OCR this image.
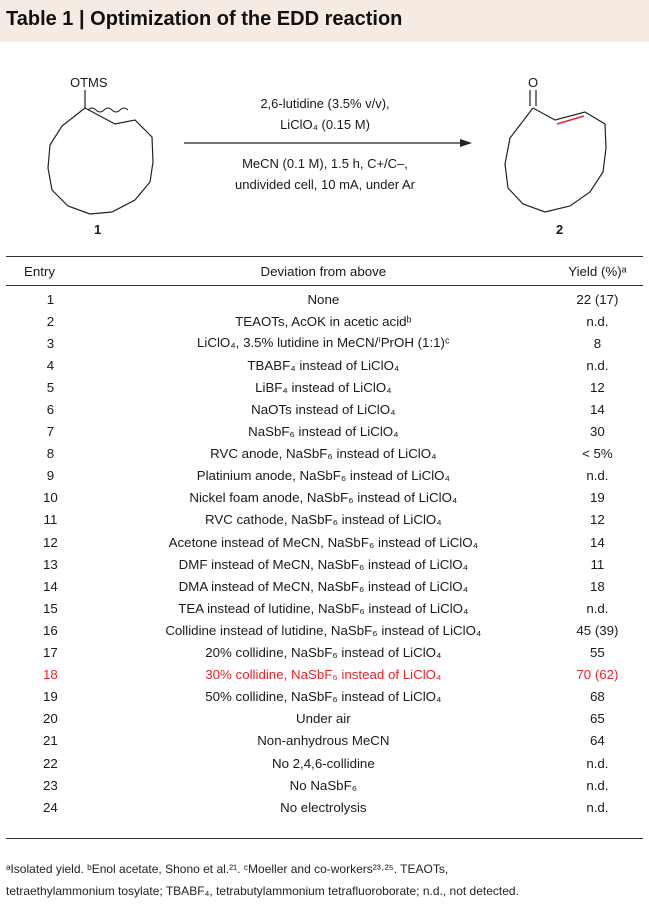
Table 1 | Optimization of the EDD reaction
OTMS	O
1	2
2,6-lutidine (3.5% v/v),
LiClO₄ (0.15 M)
MeCN (0.1 M), 1.5 h, C+/C–,
undivided cell, 10 mA, under Ar
Entry	Deviation from above	Yield (%)ᵃ
1	None	22 (17)
2	TEAOTs, AcOK in acetic acidᵇ	n.d.
3	LiClO₄, 3.5% lutidine in MeCN/ⁱPrOH (1:1)ᶜ	8
4	TBABF₄ instead of LiClO₄	n.d.
5	LiBF₄ instead of LiClO₄	12
6	NaOTs instead of LiClO₄	14
7	NaSbF₆ instead of LiClO₄	30
8	RVC anode, NaSbF₆ instead of LiClO₄	< 5%
9	Platinium anode, NaSbF₆ instead of LiClO₄	n.d.
10	Nickel foam anode, NaSbF₆ instead of LiClO₄	19
11	RVC cathode, NaSbF₆ instead of LiClO₄	12
12	Acetone instead of MeCN, NaSbF₆ instead of LiClO₄	14
13	DMF instead of MeCN, NaSbF₆ instead of LiClO₄	11
14	DMA instead of MeCN, NaSbF₆ instead of LiClO₄	18
15	TEA instead of lutidine, NaSbF₆ instead of LiClO₄	n.d.
16	Collidine instead of lutidine, NaSbF₆ instead of LiClO₄	45 (39)
17	20% collidine, NaSbF₆ instead of LiClO₄	55
18	30% collidine, NaSbF₆ instead of LiClO₄	70 (62)
19	50% collidine, NaSbF₆ instead of LiClO₄	68
20	Under air	65
21	Non-anhydrous MeCN	64
22	No 2,4,6-collidine	n.d.
23	No NaSbF₆	n.d.
24	No electrolysis	n.d.
ᵃIsolated yield. ᵇEnol acetate, Shono et al.²¹. ᶜMoeller and co-workers²³·²⁵. TEAOTs,
tetraethylammonium tosylate; TBABF₄, tetrabutylammonium tetrafluoroborate; n.d., not detected.
